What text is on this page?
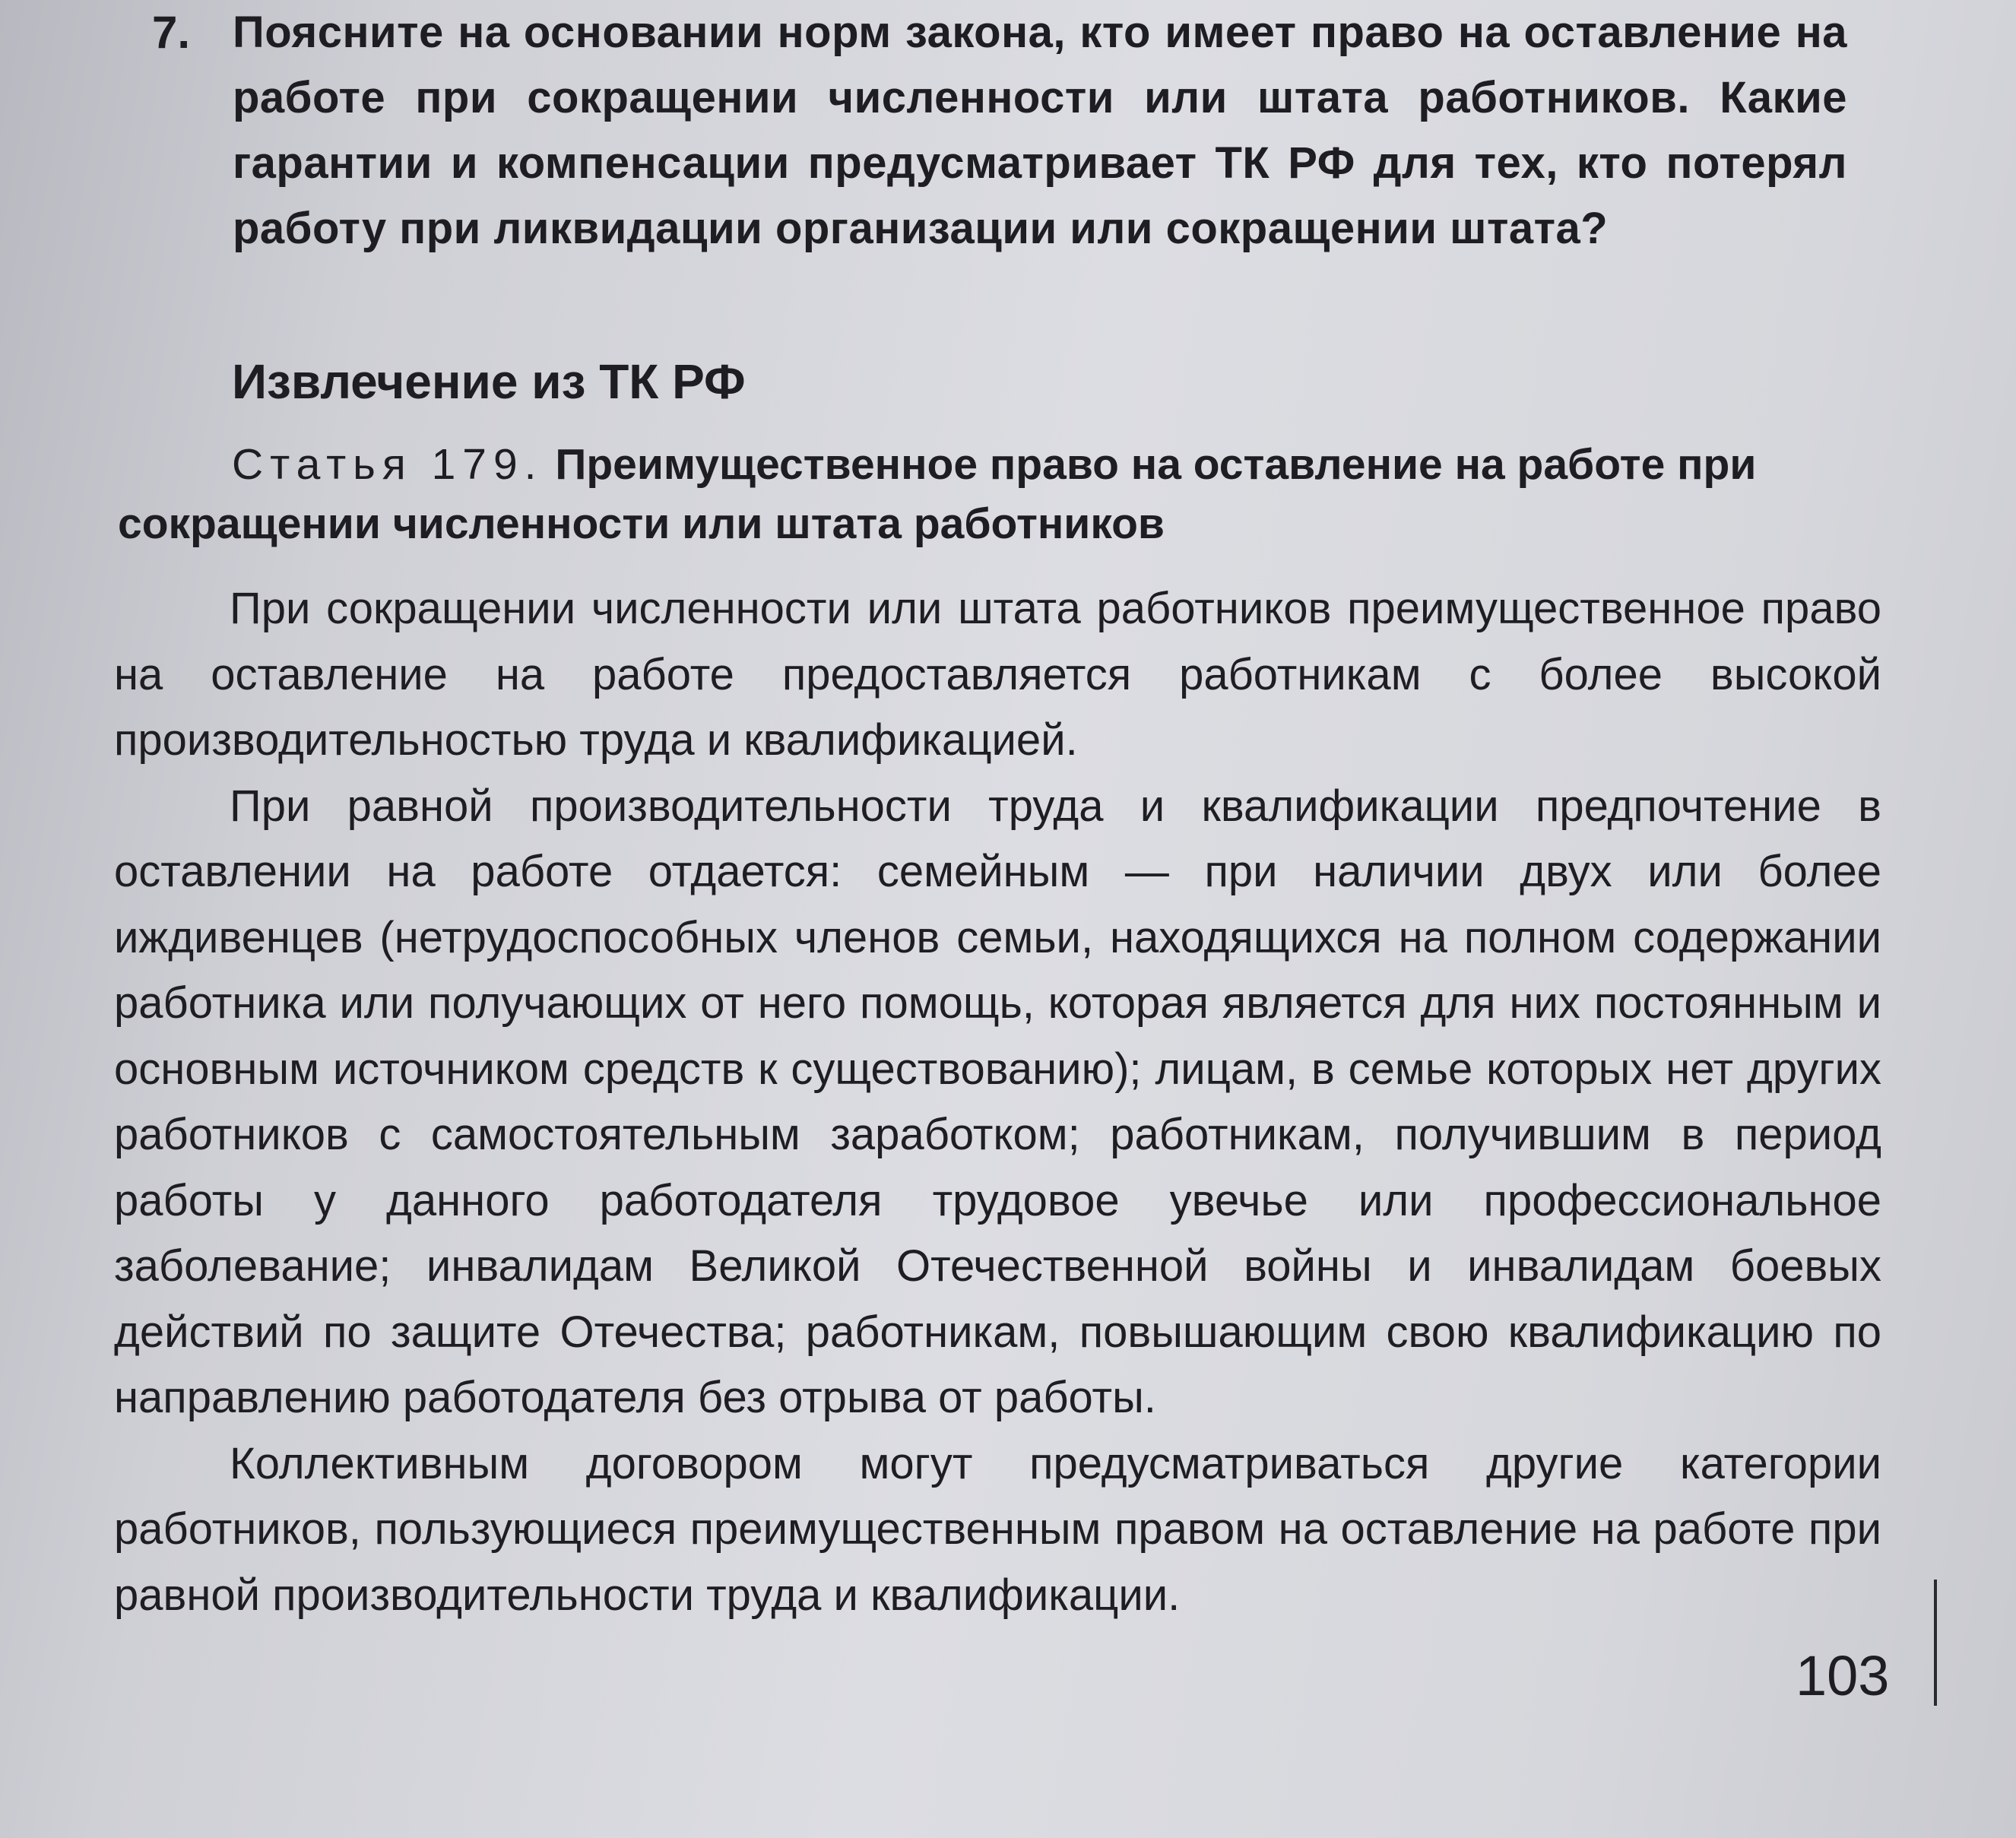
7. Поясните на основании норм закона, кто имеет право на оставление на работе при сокращении численности или штата работников. Какие гарантии и компенсации предусматривает ТК РФ для тех, кто потерял работу при ликвидации организации или сокращении штата?
Извлечение из ТК РФ
Статья 179. Преимущественное право на оставление на работе при сокращении численности или штата работников

При сокращении численности или штата работников преимущественное право на оставление на работе предоставляется работникам с более высокой производительностью труда и квалификацией.

При равной производительности труда и квалификации предпочтение в оставлении на работе отдается: семейным — при наличии двух или более иждивенцев (нетрудоспособных членов семьи, находящихся на полном содержании работника или получающих от него помощь, которая является для них постоянным и основным источником средств к существованию); лицам, в семье которых нет других работников с самостоятельным заработком; работникам, получившим в период работы у данного работодателя трудовое увечье или профессиональное заболевание; инвалидам Великой Отечественной войны и инвалидам боевых действий по защите Отечества; работникам, повышающим свою квалификацию по направлению работодателя без отрыва от работы.

Коллективным договором могут предусматриваться другие категории работников, пользующиеся преимущественным правом на оставление на работе при равной производительности труда и квалификации.

103
